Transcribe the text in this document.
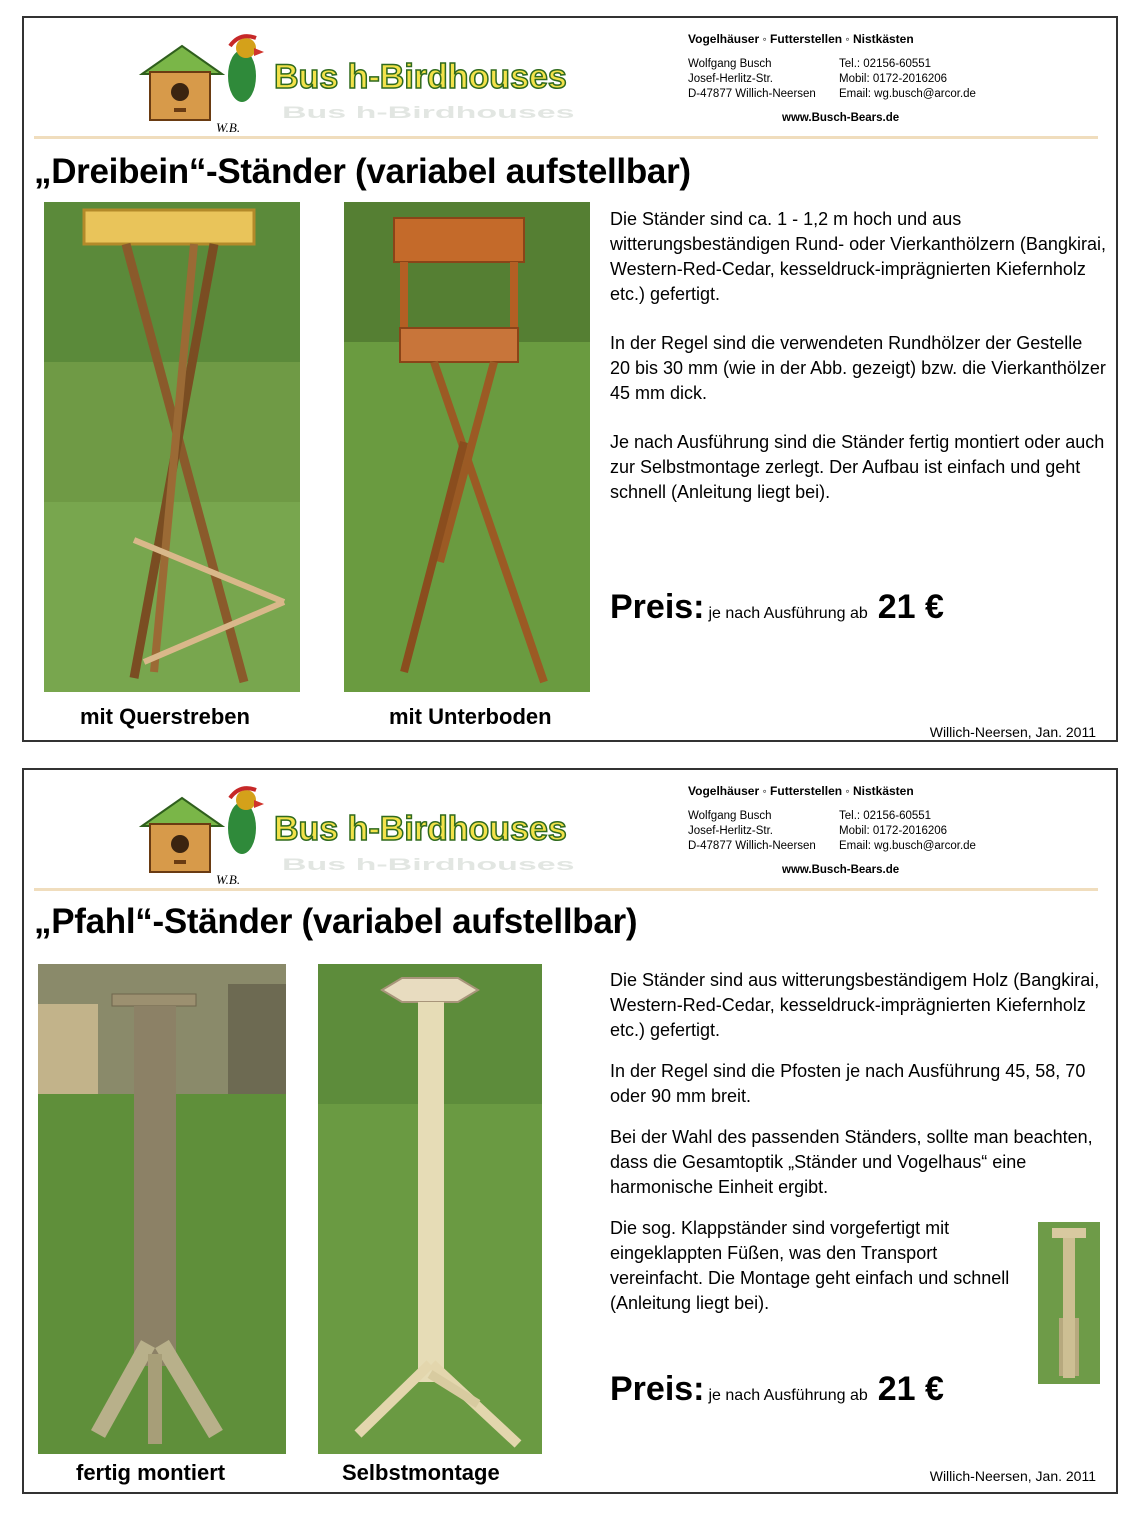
Bus h-Birdhouses
Bus h-Birdhouses
W.B.
Vogelhäuser ◦ Futterstellen ◦ Nistkästen
Wolfgang Busch	Tel.: 02156-60551
Josef-Herlitz-Str.	Mobil: 0172-2016206
D-47877 Willich-Neersen	Email: wg.busch@arcor.de
www.Busch-Bears.de
„Dreibein“-Ständer (variabel aufstellbar)
mit Querstreben	mit Unterboden

Die Ständer sind ca. 1 - 1,2 m hoch und aus witterungsbeständigen Rund- oder Vierkanthölzern (Bangkirai, Western-Red-Cedar, kesseldruck-imprägnierten Kiefernholz etc.) gefertigt.

In der Regel sind die verwendeten Rundhölzer der Gestelle 20 bis 30 mm (wie in der Abb. gezeigt) bzw. die Vierkanthölzer 45 mm dick.

Je nach Ausführung sind die Ständer fertig montiert oder auch zur Selbstmontage zerlegt. Der Aufbau ist einfach und geht schnell (Anleitung liegt bei).

Preis: je nach Ausführung ab 21 €
Willich-Neersen, Jan. 2011
Bus h-Birdhouses
Bus h-Birdhouses
W.B.
Vogelhäuser ◦ Futterstellen ◦ Nistkästen
Wolfgang Busch	Tel.: 02156-60551
Josef-Herlitz-Str.	Mobil: 0172-2016206
D-47877 Willich-Neersen	Email: wg.busch@arcor.de
www.Busch-Bears.de
„Pfahl“-Ständer (variabel aufstellbar)
fertig montiert	Selbstmontage

Die Ständer sind aus witterungsbeständigem Holz (Bangkirai, Western-Red-Cedar, kesseldruck-imprägnierten Kiefernholz etc.) gefertigt.

In der Regel sind die Pfosten je nach Ausführung 45, 58, 70 oder 90 mm breit.

Bei der Wahl des passenden Ständers, sollte man beachten, dass die Gesamtoptik „Ständer und Vogelhaus“ eine harmonische Einheit ergibt.

Die sog. Klappständer sind vorgefertigt mit eingeklappten Füßen, was den Transport vereinfacht. Die Montage geht einfach und schnell (Anleitung liegt bei).

Preis: je nach Ausführung ab 21 €
Willich-Neersen, Jan. 2011
